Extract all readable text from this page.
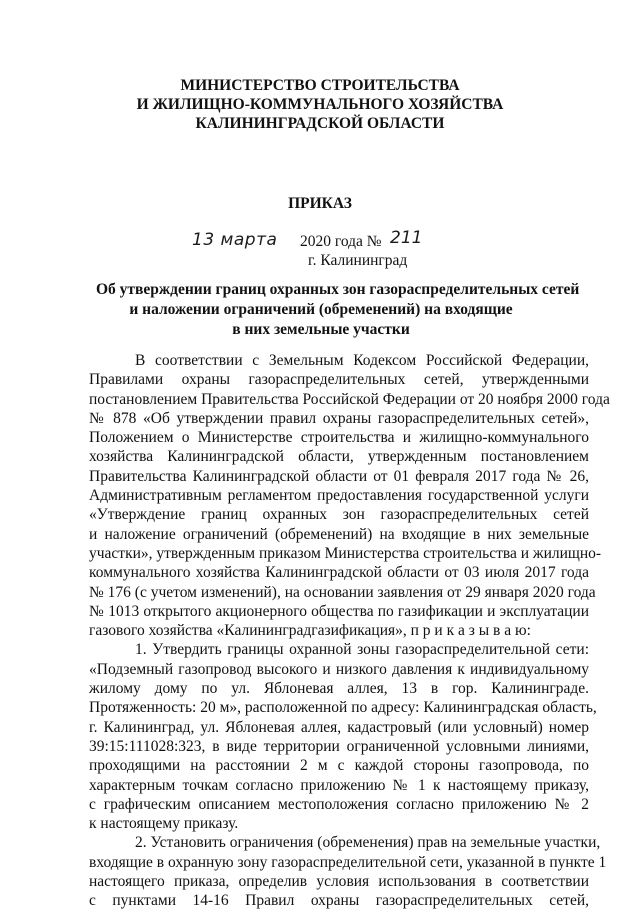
МИНИСТЕРСТВО СТРОИТЕЛЬСТВА
И ЖИЛИЩНО-КОММУНАЛЬНОГО ХОЗЯЙСТВА
КАЛИНИНГРАДСКОЙ ОБЛАСТИ
ПРИКАЗ
13 марта 2020 года № 211
г. Калининград
Об утверждении границ охранных зон газораспределительных сетей
и наложении ограничений (обременений) на входящие
в них земельные участки
В соответствии с Земельным Кодексом Российской Федерации,
Правилами охраны газораспределительных сетей, утвержденными
постановлением Правительства Российской Федерации от 20 ноября 2000 года
№ 878 «Об утверждении правил охраны газораспределительных сетей»,
Положением о Министерстве строительства и жилищно-коммунального
хозяйства Калининградской области, утвержденным постановлением
Правительства Калининградской области от 01 февраля 2017 года № 26,
Административным регламентом предоставления государственной услуги
«Утверждение границ охранных зон газораспределительных сетей
и наложение ограничений (обременений) на входящие в них земельные
участки», утвержденным приказом Министерства строительства и жилищно-
коммунального хозяйства Калининградской области от 03 июля 2017 года
№ 176 (с учетом изменений), на основании заявления от 29 января 2020 года
№ 1013 открытого акционерного общества по газификации и эксплуатации
газового хозяйства «Калининградгазификация», п р и к а з ы в а ю:
1. Утвердить границы охранной зоны газораспределительной сети:
«Подземный газопровод высокого и низкого давления к индивидуальному
жилому дому по ул. Яблоневая аллея, 13 в гор. Калининграде.
Протяженность: 20 м», расположенной по адресу: Калининградская область,
г. Калининград, ул. Яблоневая аллея, кадастровый (или условный) номер
39:15:111028:323, в виде территории ограниченной условными линиями,
проходящими на расстоянии 2 м с каждой стороны газопровода, по
характерным точкам согласно приложению № 1 к настоящему приказу,
с графическим описанием местоположения согласно приложению № 2
к настоящему приказу.
2. Установить ограничения (обременения) прав на земельные участки,
входящие в охранную зону газораспределительной сети, указанной в пункте 1
настоящего приказа, определив условия использования в соответствии
с пунктами 14-16 Правил охраны газораспределительных сетей,
